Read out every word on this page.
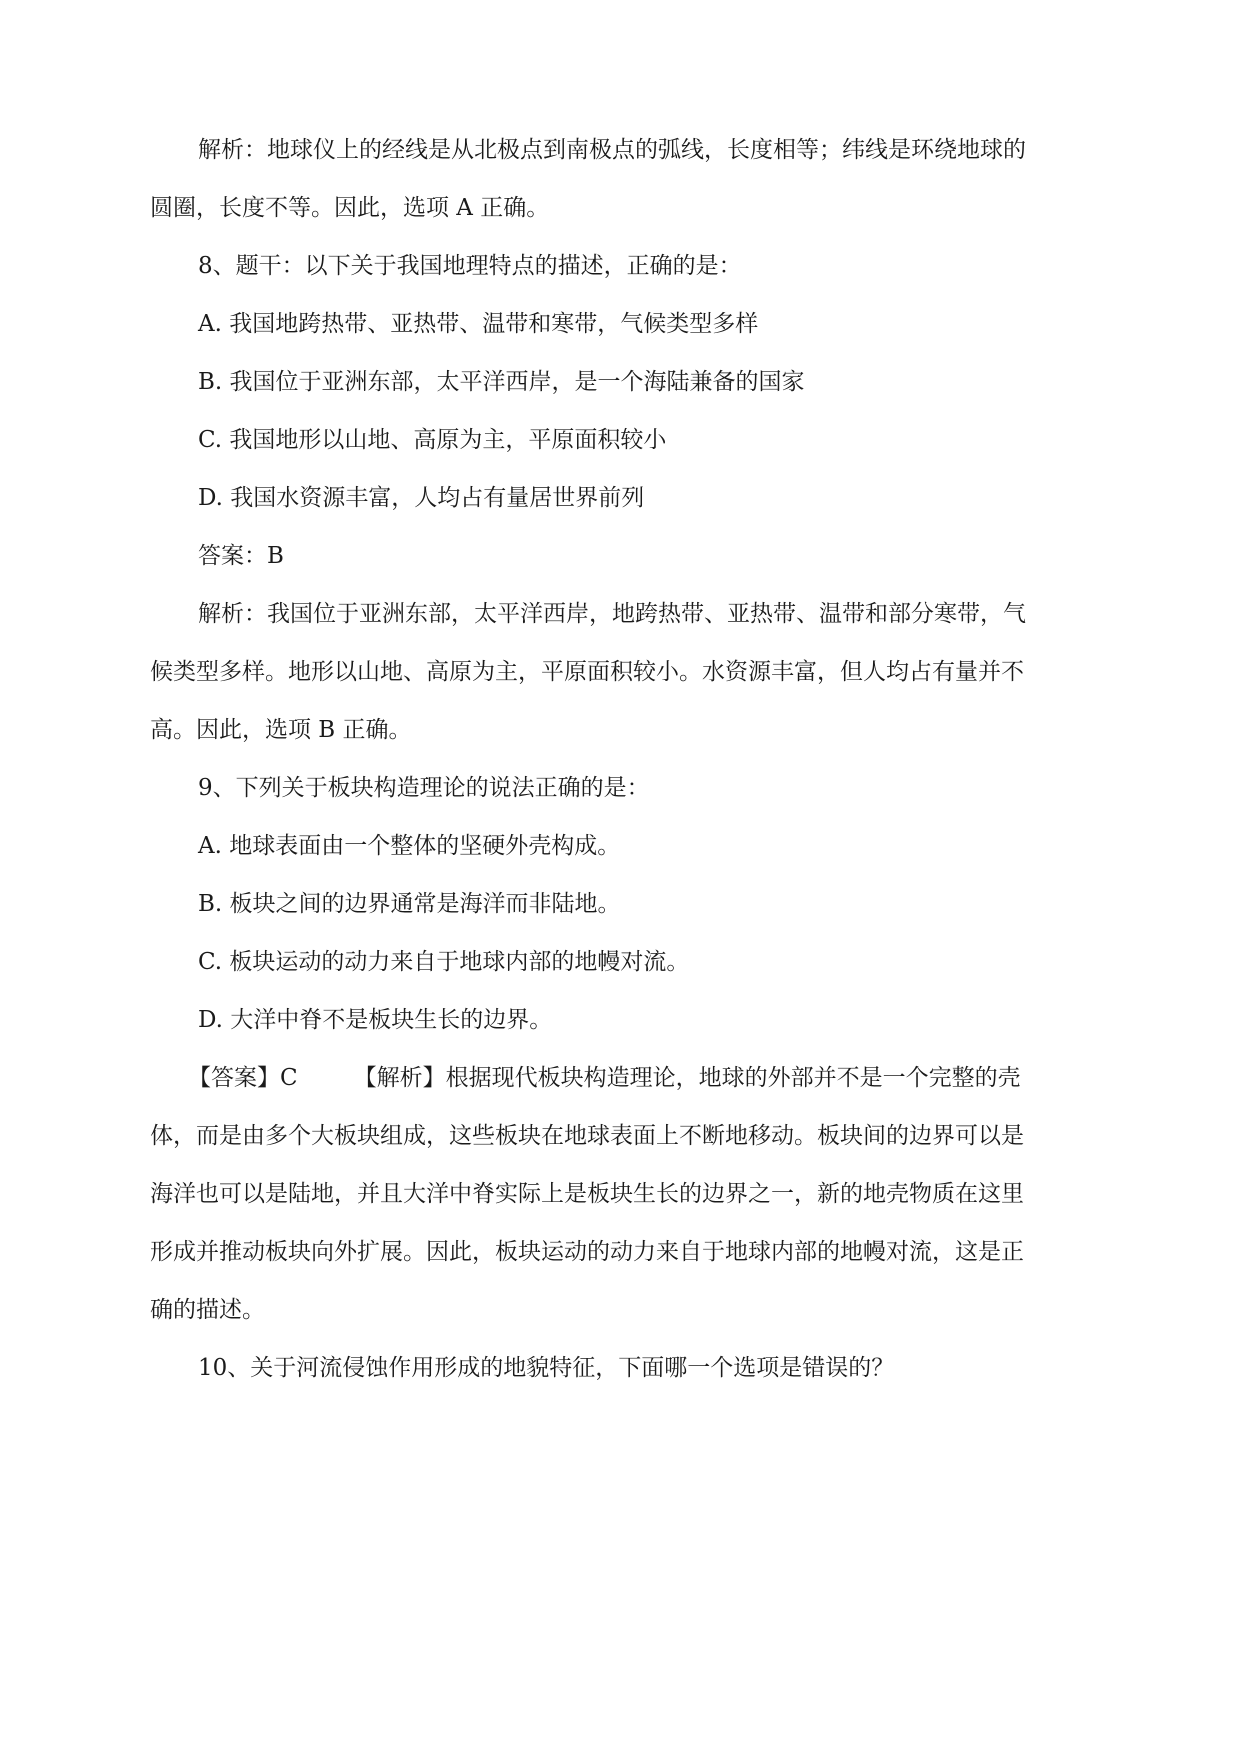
解析：地球仪上的经线是从北极点到南极点的弧线，长度相等；纬线是环绕地球的
圆圈，长度不等。因此，选项 A 正确。
8、题干：以下关于我国地理特点的描述，正确的是：
A. 我国地跨热带、亚热带、温带和寒带，气候类型多样
B. 我国位于亚洲东部，太平洋西岸，是一个海陆兼备的国家
C. 我国地形以山地、高原为主，平原面积较小
D. 我国水资源丰富，人均占有量居世界前列
答案：B
解析：我国位于亚洲东部，太平洋西岸，地跨热带、亚热带、温带和部分寒带，气
候类型多样。地形以山地、高原为主，平原面积较小。水资源丰富，但人均占有量并不
高。因此，选项 B 正确。
9、下列关于板块构造理论的说法正确的是：
A. 地球表面由一个整体的坚硬外壳构成。
B. 板块之间的边界通常是海洋而非陆地。
C. 板块运动的动力来自于地球内部的地幔对流。
D. 大洋中脊不是板块生长的边界。
【答案】C 【解析】根据现代板块构造理论，地球的外部并不是一个完整的壳
体，而是由多个大板块组成，这些板块在地球表面上不断地移动。板块间的边界可以是
海洋也可以是陆地，并且大洋中脊实际上是板块生长的边界之一，新的地壳物质在这里
形成并推动板块向外扩展。因此，板块运动的动力来自于地球内部的地幔对流，这是正
确的描述。
10、关于河流侵蚀作用形成的地貌特征，下面哪一个选项是错误的？
